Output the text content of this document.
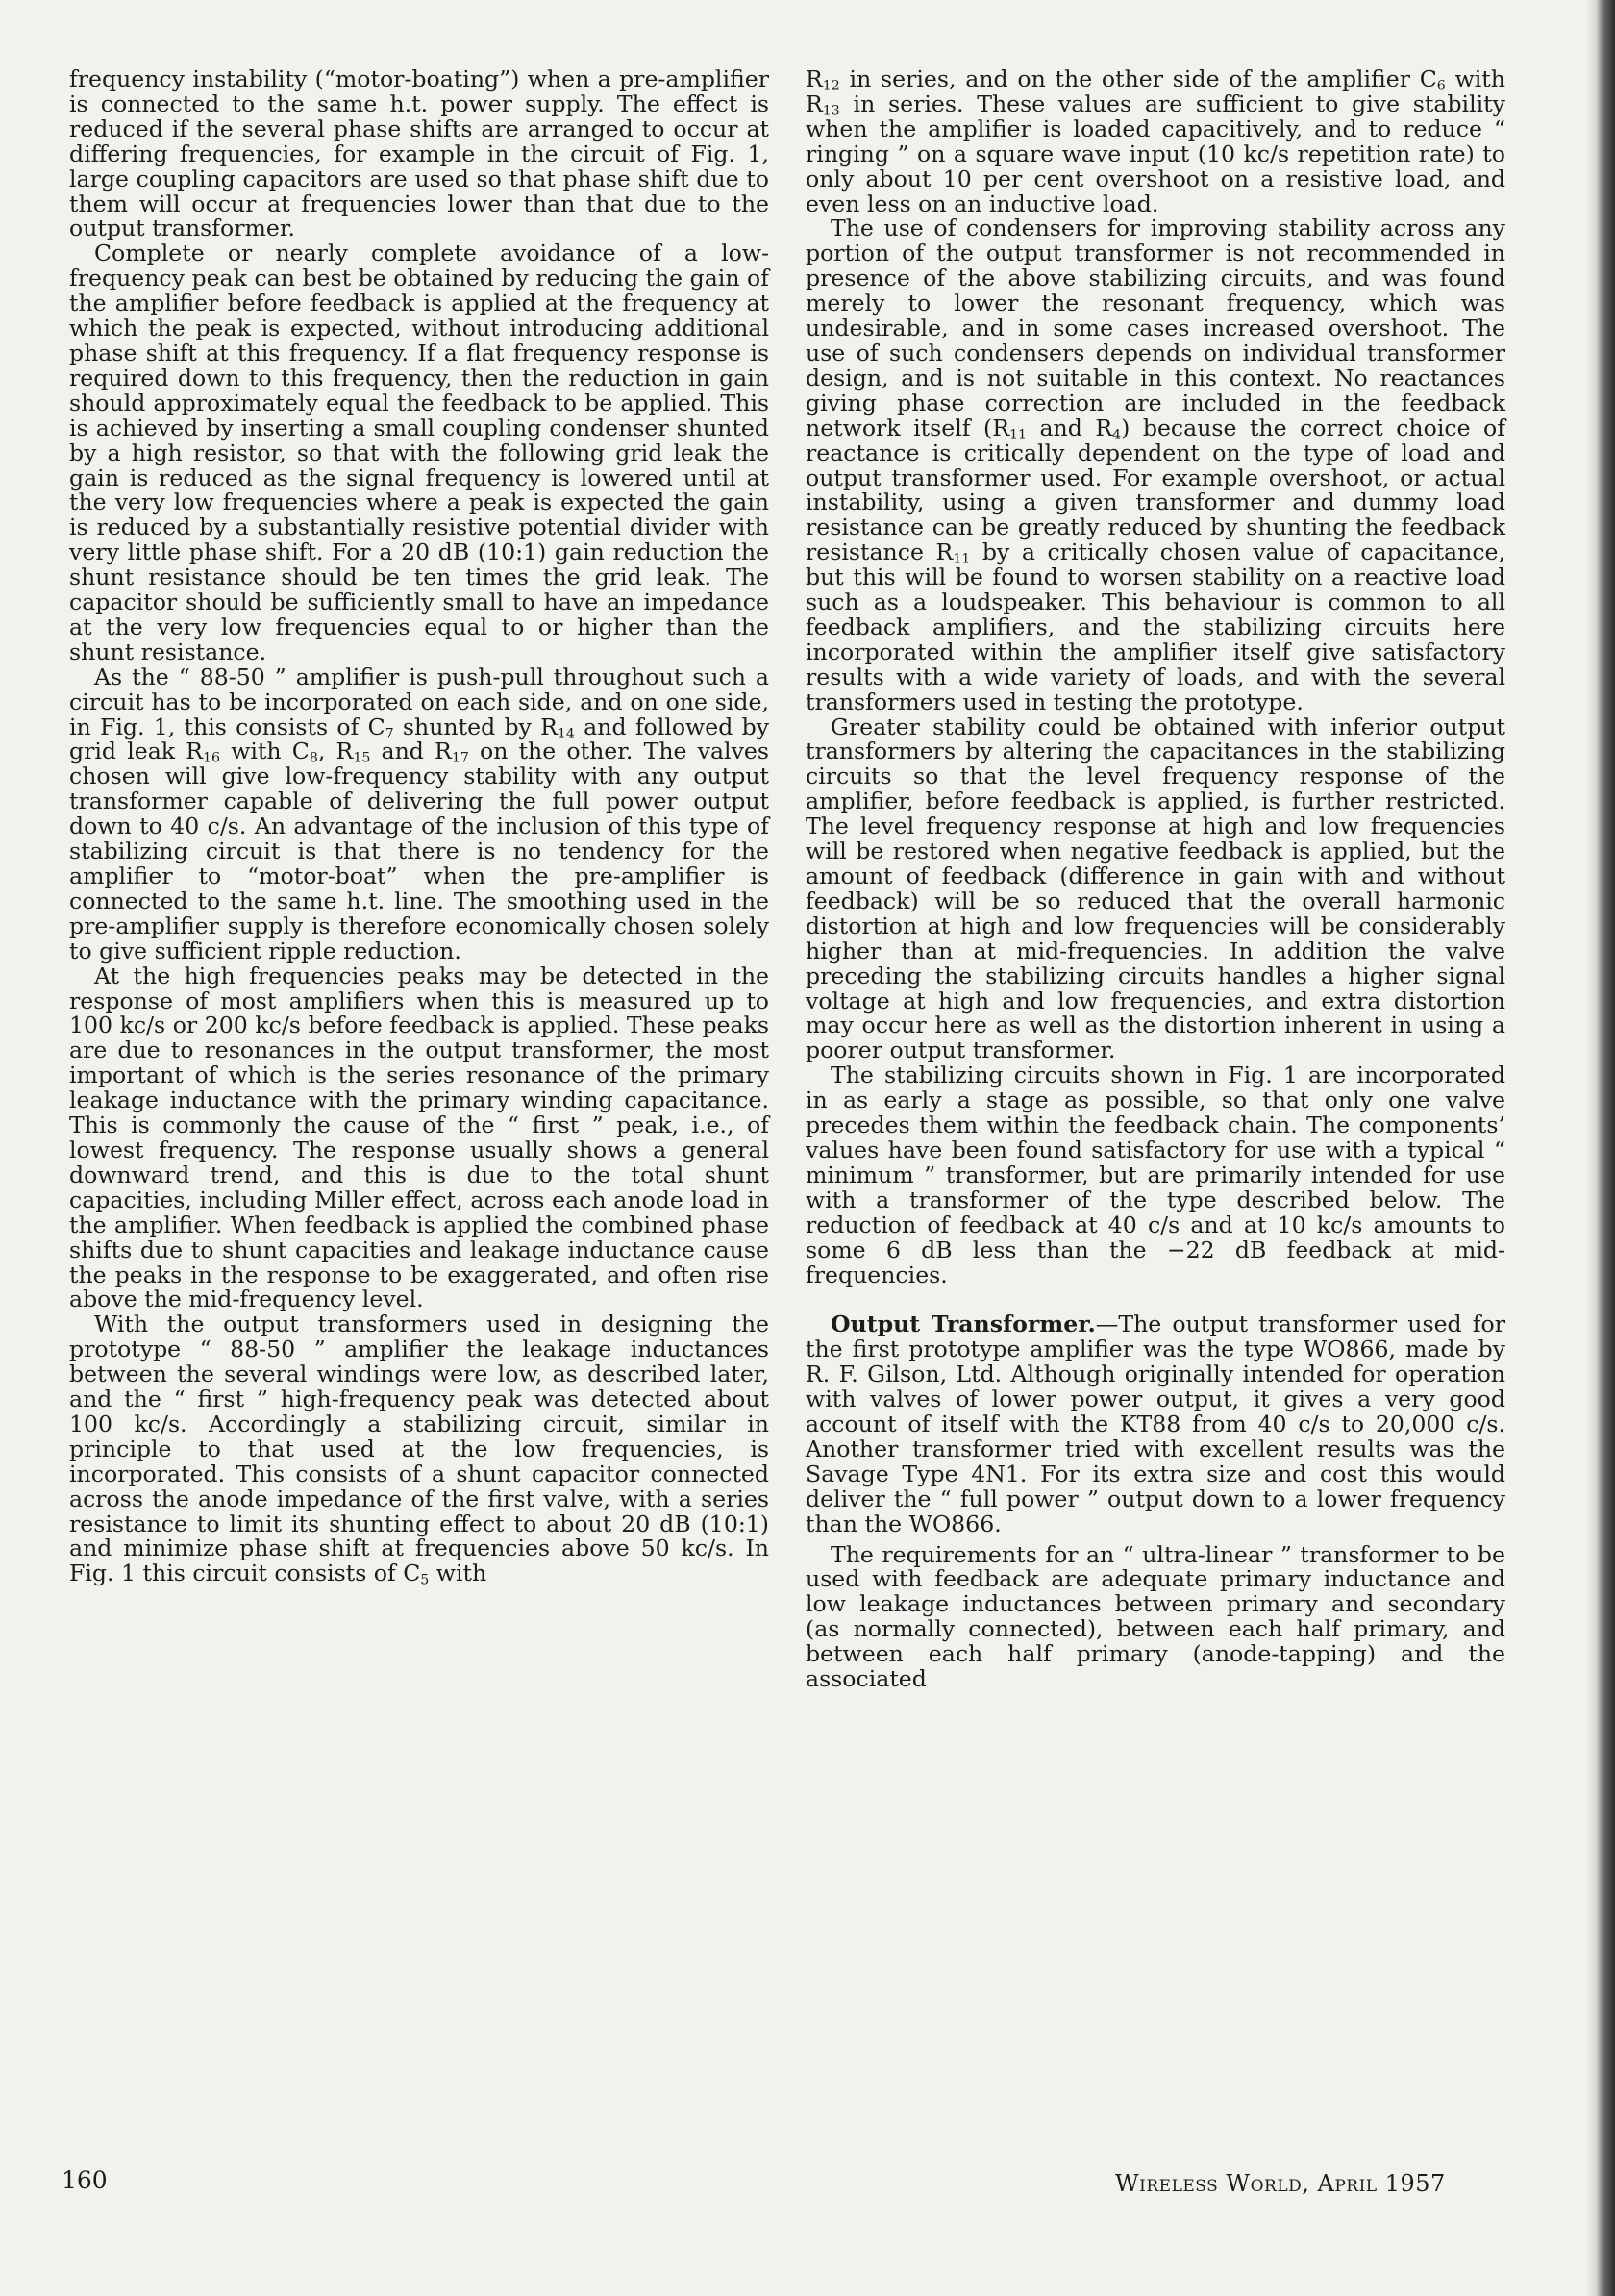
frequency instability (“motor-boating”) when a pre-amplifier is connected to the same h.t. power supply. The effect is reduced if the several phase shifts are arranged to occur at differing frequencies, for example in the circuit of Fig. 1, large coupling capacitors are used so that phase shift due to them will occur at frequencies lower than that due to the output transformer.

Complete or nearly complete avoidance of a low-frequency peak can best be obtained by reducing the gain of the amplifier before feedback is applied at the frequency at which the peak is expected, without introducing additional phase shift at this frequency. If a flat frequency response is required down to this frequency, then the reduction in gain should approximately equal the feedback to be applied. This is achieved by inserting a small coupling condenser shunted by a high resistor, so that with the following grid leak the gain is reduced as the signal frequency is lowered until at the very low frequencies where a peak is expected the gain is reduced by a substantially resistive potential divider with very little phase shift. For a 20 dB (10:1) gain reduction the shunt resistance should be ten times the grid leak. The capacitor should be sufficiently small to have an impedance at the very low frequencies equal to or higher than the shunt resistance.

As the “ 88-50 ” amplifier is push-pull throughout such a circuit has to be incorporated on each side, and on one side, in Fig. 1, this consists of $C_7$ shunted by $R_{14}$ and followed by grid leak $R_{16}$ with $C_8$, $R_{15}$ and $R_{17}$ on the other. The valves chosen will give low-frequency stability with any output transformer capable of delivering the full power output down to 40 c/s. An advantage of the inclusion of this type of stabilizing circuit is that there is no tendency for the amplifier to “motor-boat” when the pre-amplifier is connected to the same h.t. line. The smoothing used in the pre-amplifier supply is therefore economically chosen solely to give sufficient ripple reduction.

At the high frequencies peaks may be detected in the response of most amplifiers when this is measured up to 100 kc/s or 200 kc/s before feedback is applied. These peaks are due to resonances in the output transformer, the most important of which is the series resonance of the primary leakage inductance with the primary winding capacitance. This is commonly the cause of the “ first ” peak, i.e., of lowest frequency. The response usually shows a general downward trend, and this is due to the total shunt capacities, including Miller effect, across each anode load in the amplifier. When feedback is applied the combined phase shifts due to shunt capacities and leakage inductance cause the peaks in the response to be exaggerated, and often rise above the mid-frequency level.

With the output transformers used in designing the prototype “ 88-50 ” amplifier the leakage inductances between the several windings were low, as described later, and the “ first ” high-frequency peak was detected about 100 kc/s. Accordingly a stabilizing circuit, similar in principle to that used at the low frequencies, is incorporated. This consists of a shunt capacitor connected across the anode impedance of the first valve, with a series resistance to limit its shunting effect to about 20 dB (10:1) and minimize phase shift at frequencies above 50 kc/s. In Fig. 1 this circuit consists of $C_5$ with

$R_{12}$ in series, and on the other side of the amplifier $C_6$ with $R_{13}$ in series. These values are sufficient to give stability when the amplifier is loaded capacitively, and to reduce “ ringing ” on a square wave input (10 kc/s repetition rate) to only about 10 per cent overshoot on a resistive load, and even less on an inductive load.

The use of condensers for improving stability across any portion of the output transformer is not recommended in presence of the above stabilizing circuits, and was found merely to lower the resonant frequency, which was undesirable, and in some cases increased overshoot. The use of such condensers depends on individual transformer design, and is not suitable in this context. No reactances giving phase correction are included in the feedback network itself ($R_{11}$ and $R_4$) because the correct choice of reactance is critically dependent on the type of load and output transformer used. For example overshoot, or actual instability, using a given transformer and dummy load resistance can be greatly reduced by shunting the feedback resistance $R_{11}$ by a critically chosen value of capacitance, but this will be found to worsen stability on a reactive load such as a loudspeaker. This behaviour is common to all feedback amplifiers, and the stabilizing circuits here incorporated within the amplifier itself give satisfactory results with a wide variety of loads, and with the several transformers used in testing the prototype.

Greater stability could be obtained with inferior output transformers by altering the capacitances in the stabilizing circuits so that the level frequency response of the amplifier, before feedback is applied, is further restricted. The level frequency response at high and low frequencies will be restored when negative feedback is applied, but the amount of feedback (difference in gain with and without feedback) will be so reduced that the overall harmonic distortion at high and low frequencies will be considerably higher than at mid-frequencies. In addition the valve preceding the stabilizing circuits handles a higher signal voltage at high and low frequencies, and extra distortion may occur here as well as the distortion inherent in using a poorer output transformer.

The stabilizing circuits shown in Fig. 1 are incorporated in as early a stage as possible, so that only one valve precedes them within the feedback chain. The components’ values have been found satisfactory for use with a typical “ minimum ” transformer, but are primarily intended for use with a transformer of the type described below. The reduction of feedback at 40 c/s and at 10 kc/s amounts to some 6 dB less than the −22 dB feedback at mid-frequencies.

Output Transformer.—The output transformer used for the first prototype amplifier was the type WO866, made by R. F. Gilson, Ltd. Although originally intended for operation with valves of lower power output, it gives a very good account of itself with the KT88 from 40 c/s to 20,000 c/s. Another transformer tried with excellent results was the Savage Type 4N1. For its extra size and cost this would deliver the “ full power ” output down to a lower frequency than the WO866.

The requirements for an “ ultra-linear ” transformer to be used with feedback are adequate primary inductance and low leakage inductances between primary and secondary (as normally connected), between each half primary, and between each half primary (anode-tapping) and the associated

160	Wireless World, April 1957
